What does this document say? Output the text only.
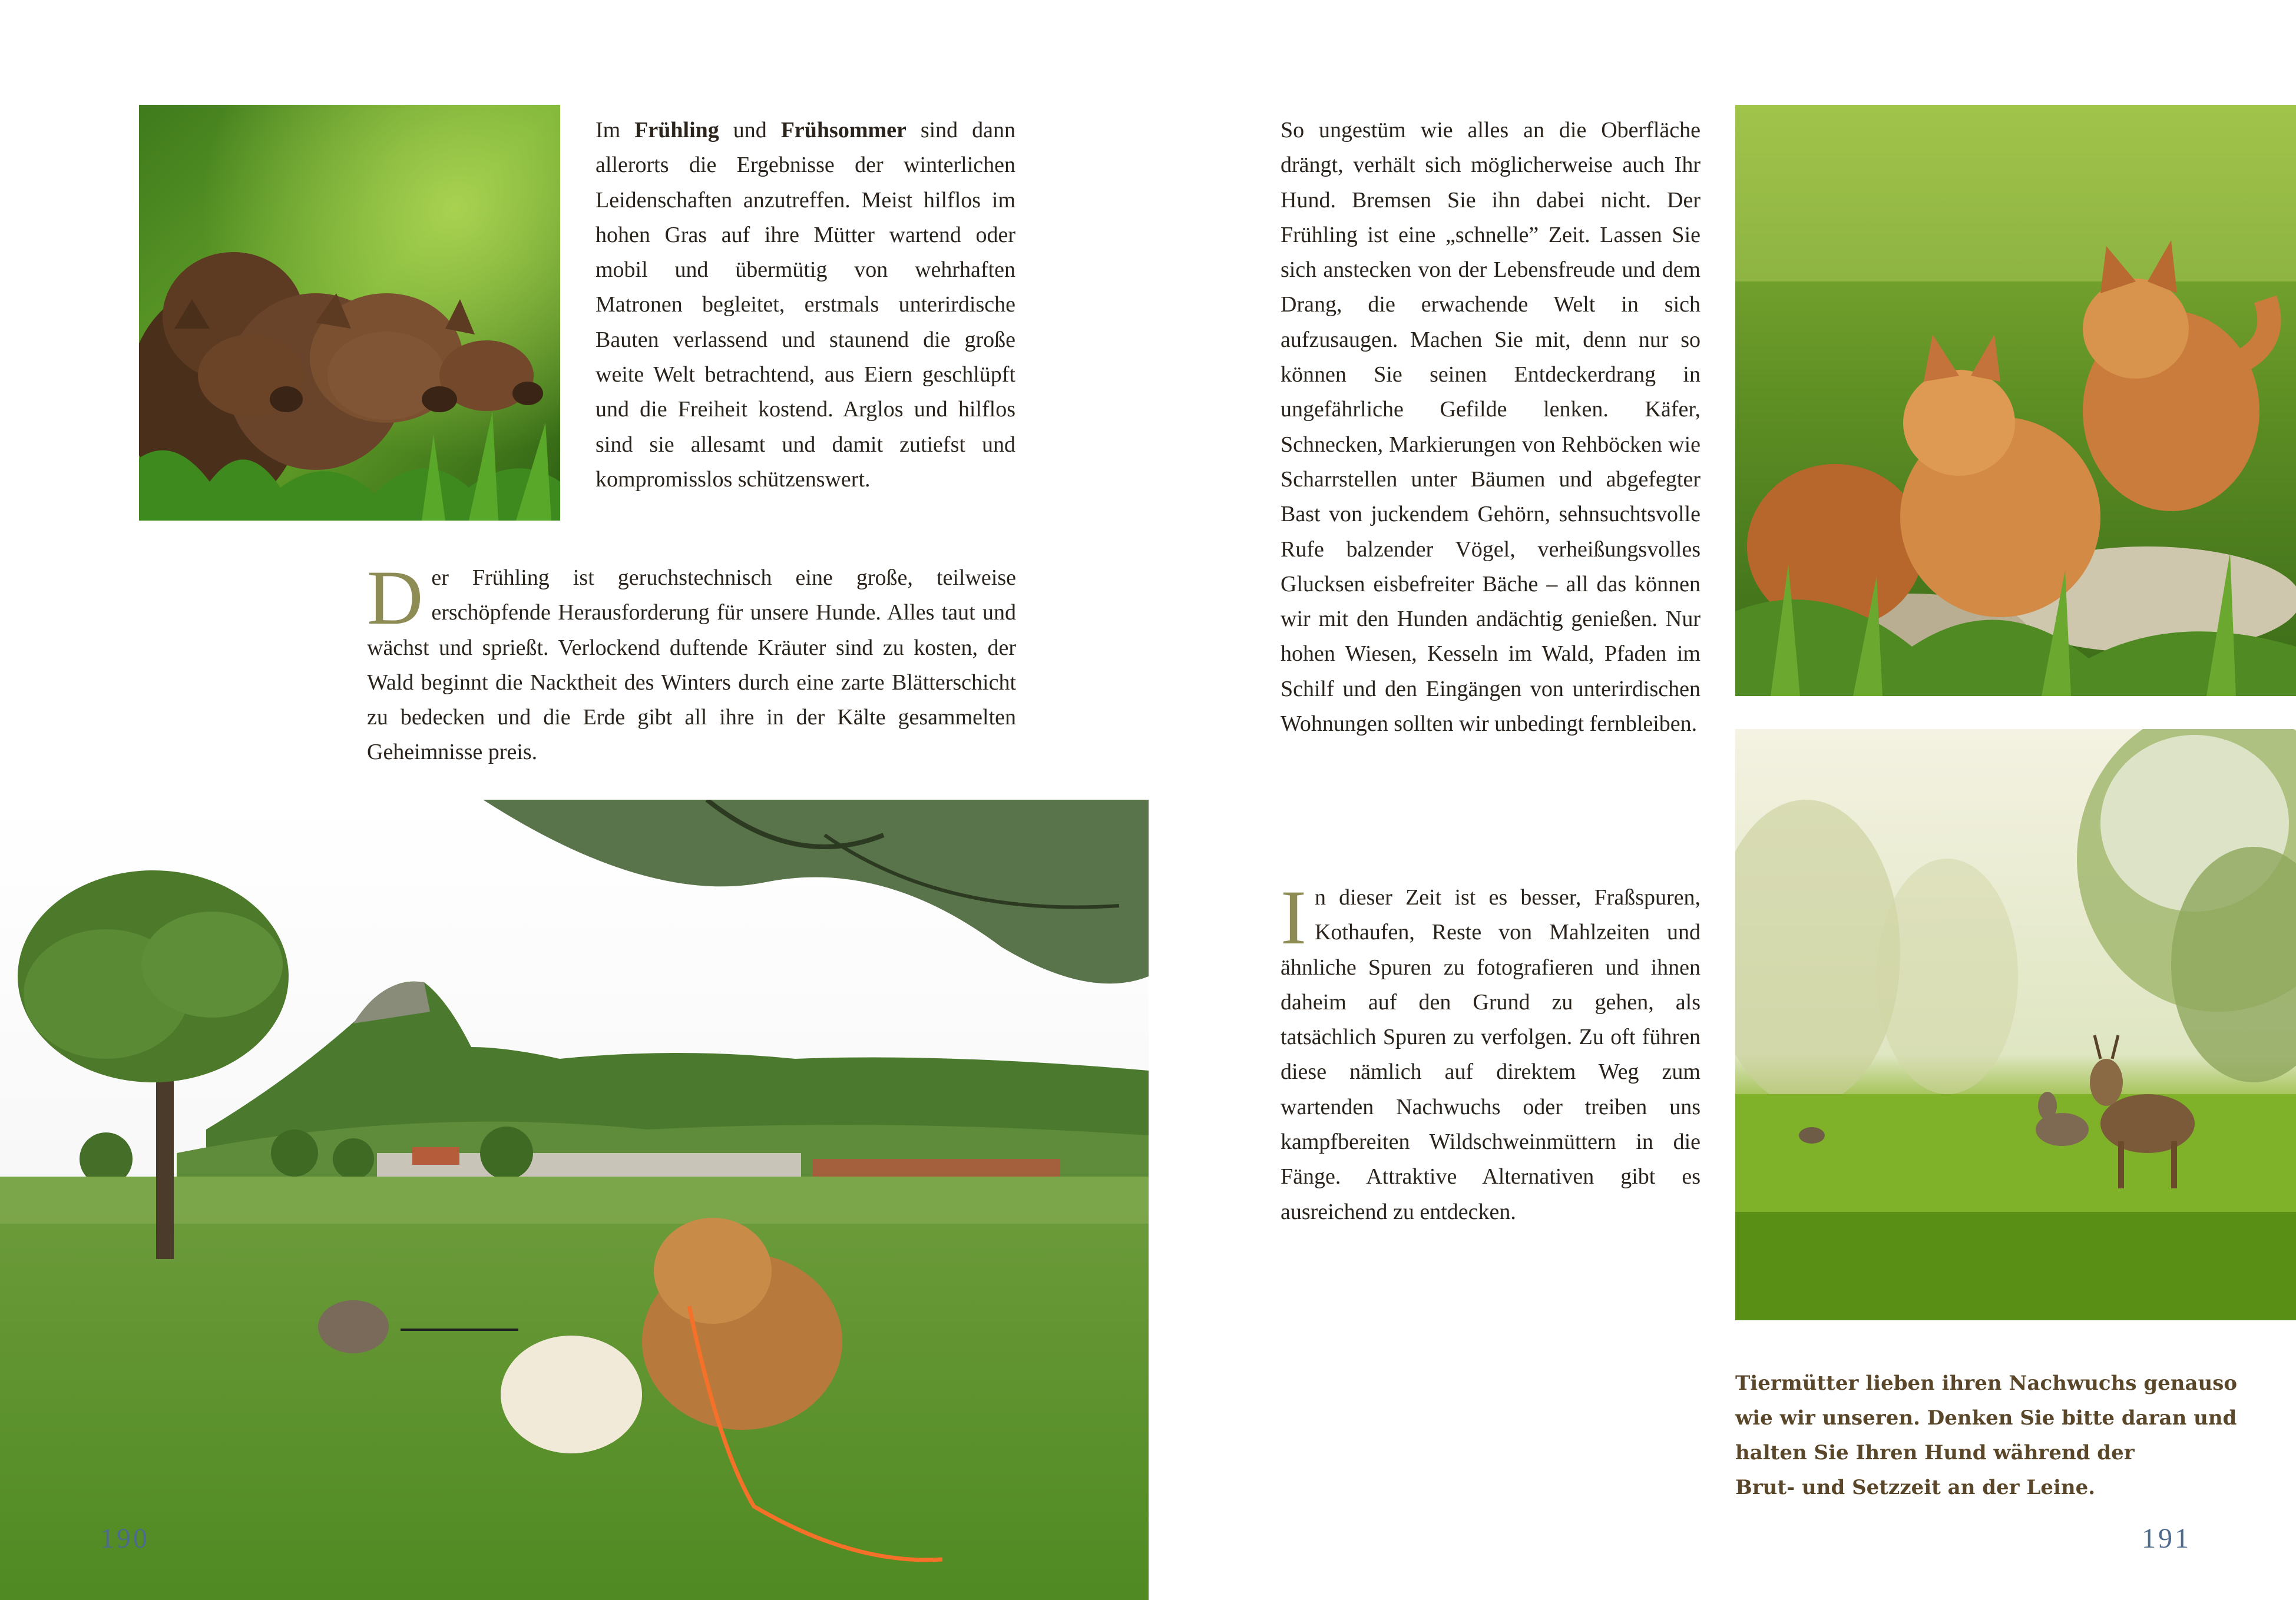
Im Frühling und Frühsommer sind dann allerorts die Ergebnisse der winterlichen Leidenschaften anzutreffen. Meist hilflos im hohen Gras auf ihre Mütter wartend oder mobil und übermütig von wehrhaften Matronen begleitet, erstmals unterirdische Bauten verlassend und staunend die große weite Welt betrachtend, aus Eiern geschlüpft und die Freiheit kostend. Arglos und hilflos sind sie allesamt und damit zutiefst und kompromisslos schützenswert.
D er Frühling ist geruchstechnisch eine große, teilweise erschöpfende Herausforderung für unsere Hunde. Alles taut und wächst und sprießt. Verlockend duftende Kräuter sind zu kosten, der Wald beginnt die Nacktheit des Winters durch eine zarte Blätterschicht zu bedecken und die Erde gibt all ihre in der Kälte gesammelten Geheimnisse preis.
190
So ungestüm wie alles an die Oberfläche drängt, verhält sich möglicherweise auch Ihr Hund. Bremsen Sie ihn dabei nicht. Der Frühling ist eine „schnelle” Zeit. Lassen Sie sich anstecken von der Lebensfreude und dem Drang, die erwachende Welt in sich aufzusaugen. Machen Sie mit, denn nur so können Sie seinen Entdeckerdrang in ungefährliche Gefilde lenken. Käfer, Schnecken, Markierungen von Rehböcken wie Scharrstellen unter Bäumen und abgefegter Bast von juckendem Gehörn, sehnsuchtsvolle Rufe balzender Vögel, verheißungsvolles Glucksen eisbefreiter Bäche – all das können wir mit den Hunden andächtig genießen. Nur hohen Wiesen, Kesseln im Wald, Pfaden im Schilf und den Eingängen von unterirdischen Wohnungen sollten wir unbedingt fernbleiben.
I n dieser Zeit ist es besser, Fraßspuren, Kothaufen, Reste von Mahlzeiten und ähnliche Spuren zu fotografieren und ihnen daheim auf den Grund zu gehen, als tatsächlich Spuren zu verfolgen. Zu oft führen diese nämlich auf direktem Weg zum wartenden Nachwuchs oder treiben uns kampfbereiten Wildschweinmüttern in die Fänge. Attraktive Alternativen gibt es ausreichend zu entdecken.
Tiermütter lieben ihren Nachwuchs genauso
wie wir unseren. Denken Sie bitte daran und
halten Sie Ihren Hund während der
Brut- und Setzzeit an der Leine.
191
